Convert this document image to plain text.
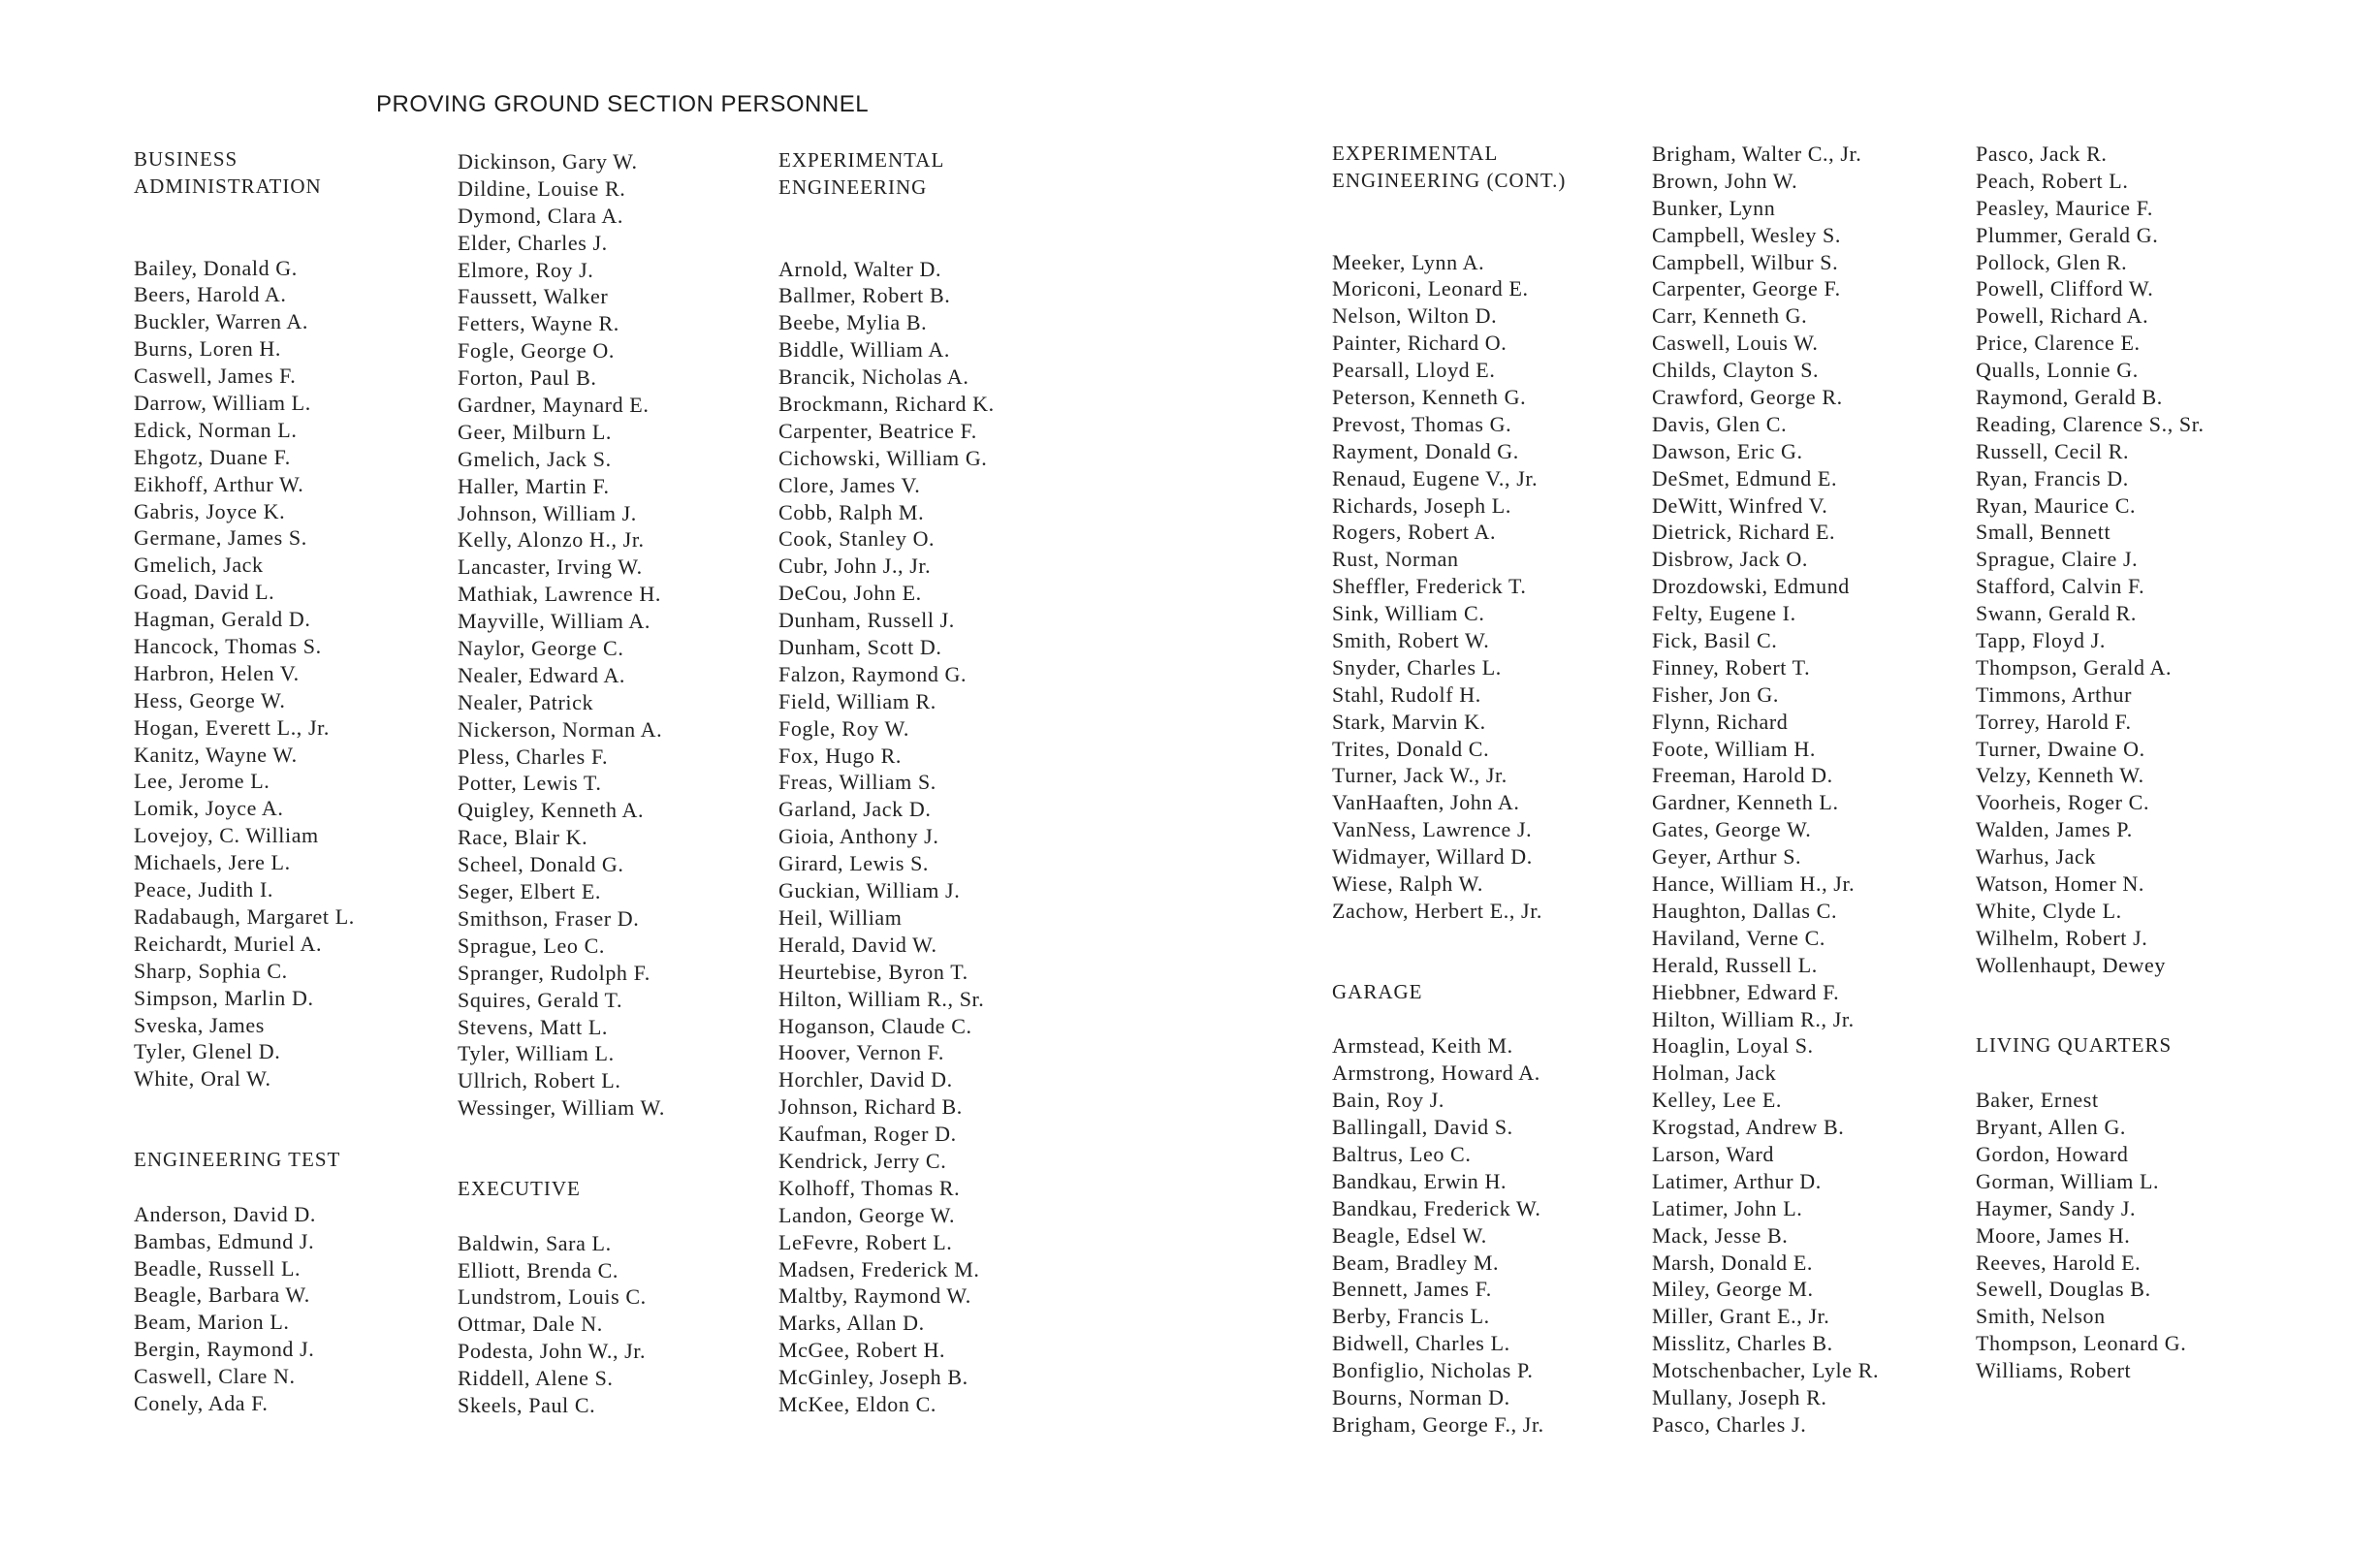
PROVING GROUND SECTION PERSONNEL
BUSINESS
ADMINISTRATION
Bailey, Donald G.
Beers, Harold A.
Buckler, Warren A.
Burns, Loren H.
Caswell, James F.
Darrow, William L.
Edick, Norman L.
Ehgotz, Duane F.
Eikhoff, Arthur W.
Gabris, Joyce K.
Germane, James S.
Gmelich, Jack
Goad, David L.
Hagman, Gerald D.
Hancock, Thomas S.
Harbron, Helen V.
Hess, George W.
Hogan, Everett L., Jr.
Kanitz, Wayne W.
Lee, Jerome L.
Lomik, Joyce A.
Lovejoy, C. William
Michaels, Jere L.
Peace, Judith I.
Radabaugh, Margaret L.
Reichardt, Muriel A.
Sharp, Sophia C.
Simpson, Marlin D.
Sveska, James
Tyler, Glenel D.
White, Oral W.
ENGINEERING TEST
Anderson, David D.
Bambas, Edmund J.
Beadle, Russell L.
Beagle, Barbara W.
Beam, Marion L.
Bergin, Raymond J.
Caswell, Clare N.
Conely, Ada F.
Dickinson, Gary W.
Dildine, Louise R.
Dymond, Clara A.
Elder, Charles J.
Elmore, Roy J.
Faussett, Walker
Fetters, Wayne R.
Fogle, George O.
Forton, Paul B.
Gardner, Maynard E.
Geer, Milburn L.
Gmelich, Jack S.
Haller, Martin F.
Johnson, William J.
Kelly, Alonzo H., Jr.
Lancaster, Irving W.
Mathiak, Lawrence H.
Mayville, William A.
Naylor, George C.
Nealer, Edward A.
Nealer, Patrick
Nickerson, Norman A.
Pless, Charles F.
Potter, Lewis T.
Quigley, Kenneth A.
Race, Blair K.
Scheel, Donald G.
Seger, Elbert E.
Smithson, Fraser D.
Sprague, Leo C.
Spranger, Rudolph F.
Squires, Gerald T.
Stevens, Matt L.
Tyler, William L.
Ullrich, Robert L.
Wessinger, William W.
EXECUTIVE
Baldwin, Sara L.
Elliott, Brenda C.
Lundstrom, Louis C.
Ottmar, Dale N.
Podesta, John W., Jr.
Riddell, Alene S.
Skeels, Paul C.
EXPERIMENTAL
ENGINEERING
Arnold, Walter D.
Ballmer, Robert B.
Beebe, Mylia B.
Biddle, William A.
Brancik, Nicholas A.
Brockmann, Richard K.
Carpenter, Beatrice F.
Cichowski, William G.
Clore, James V.
Cobb, Ralph M.
Cook, Stanley O.
Cubr, John J., Jr.
DeCou, John E.
Dunham, Russell J.
Dunham, Scott D.
Falzon, Raymond G.
Field, William R.
Fogle, Roy W.
Fox, Hugo R.
Freas, William S.
Garland, Jack D.
Gioia, Anthony J.
Girard, Lewis S.
Guckian, William J.
Heil, William
Herald, David W.
Heurtebise, Byron T.
Hilton, William R., Sr.
Hoganson, Claude C.
Hoover, Vernon F.
Horchler, David D.
Johnson, Richard B.
Kaufman, Roger D.
Kendrick, Jerry C.
Kolhoff, Thomas R.
Landon, George W.
LeFevre, Robert L.
Madsen, Frederick M.
Maltby, Raymond W.
Marks, Allan D.
McGee, Robert H.
McGinley, Joseph B.
McKee, Eldon C.
EXPERIMENTAL
ENGINEERING (CONT.)
Meeker, Lynn A.
Moriconi, Leonard E.
Nelson, Wilton D.
Painter, Richard O.
Pearsall, Lloyd E.
Peterson, Kenneth G.
Prevost, Thomas G.
Rayment, Donald G.
Renaud, Eugene V., Jr.
Richards, Joseph L.
Rogers, Robert A.
Rust, Norman
Sheffler, Frederick T.
Sink, William C.
Smith, Robert W.
Snyder, Charles L.
Stahl, Rudolf H.
Stark, Marvin K.
Trites, Donald C.
Turner, Jack W., Jr.
VanHaaften, John A.
VanNess, Lawrence J.
Widmayer, Willard D.
Wiese, Ralph W.
Zachow, Herbert E., Jr.
GARAGE
Armstead, Keith M.
Armstrong, Howard A.
Bain, Roy J.
Ballingall, David S.
Baltrus, Leo C.
Bandkau, Erwin H.
Bandkau, Frederick W.
Beagle, Edsel W.
Beam, Bradley M.
Bennett, James F.
Berby, Francis L.
Bidwell, Charles L.
Bonfiglio, Nicholas P.
Bourns, Norman D.
Brigham, George F., Jr.
Brigham, Walter C., Jr.
Brown, John W.
Bunker, Lynn
Campbell, Wesley S.
Campbell, Wilbur S.
Carpenter, George F.
Carr, Kenneth G.
Caswell, Louis W.
Childs, Clayton S.
Crawford, George R.
Davis, Glen C.
Dawson, Eric G.
DeSmet, Edmund E.
DeWitt, Winfred V.
Dietrick, Richard E.
Disbrow, Jack O.
Drozdowski, Edmund
Felty, Eugene I.
Fick, Basil C.
Finney, Robert T.
Fisher, Jon G.
Flynn, Richard
Foote, William H.
Freeman, Harold D.
Gardner, Kenneth L.
Gates, George W.
Geyer, Arthur S.
Hance, William H., Jr.
Haughton, Dallas C.
Haviland, Verne C.
Herald, Russell L.
Hiebbner, Edward F.
Hilton, William R., Jr.
Hoaglin, Loyal S.
Holman, Jack
Kelley, Lee E.
Krogstad, Andrew B.
Larson, Ward
Latimer, Arthur D.
Latimer, John L.
Mack, Jesse B.
Marsh, Donald E.
Miley, George M.
Miller, Grant E., Jr.
Misslitz, Charles B.
Motschenbacher, Lyle R.
Mullany, Joseph R.
Pasco, Charles J.
Pasco, Jack R.
Peach, Robert L.
Peasley, Maurice F.
Plummer, Gerald G.
Pollock, Glen R.
Powell, Clifford W.
Powell, Richard A.
Price, Clarence E.
Qualls, Lonnie G.
Raymond, Gerald B.
Reading, Clarence S., Sr.
Russell, Cecil R.
Ryan, Francis D.
Ryan, Maurice C.
Small, Bennett
Sprague, Claire J.
Stafford, Calvin F.
Swann, Gerald R.
Tapp, Floyd J.
Thompson, Gerald A.
Timmons, Arthur
Torrey, Harold F.
Turner, Dwaine O.
Velzy, Kenneth W.
Voorheis, Roger C.
Walden, James P.
Warhus, Jack
Watson, Homer N.
White, Clyde L.
Wilhelm, Robert J.
Wollenhaupt, Dewey
LIVING QUARTERS
Baker, Ernest
Bryant, Allen G.
Gordon, Howard
Gorman, William L.
Haymer, Sandy J.
Moore, James H.
Reeves, Harold E.
Sewell, Douglas B.
Smith, Nelson
Thompson, Leonard G.
Williams, Robert
